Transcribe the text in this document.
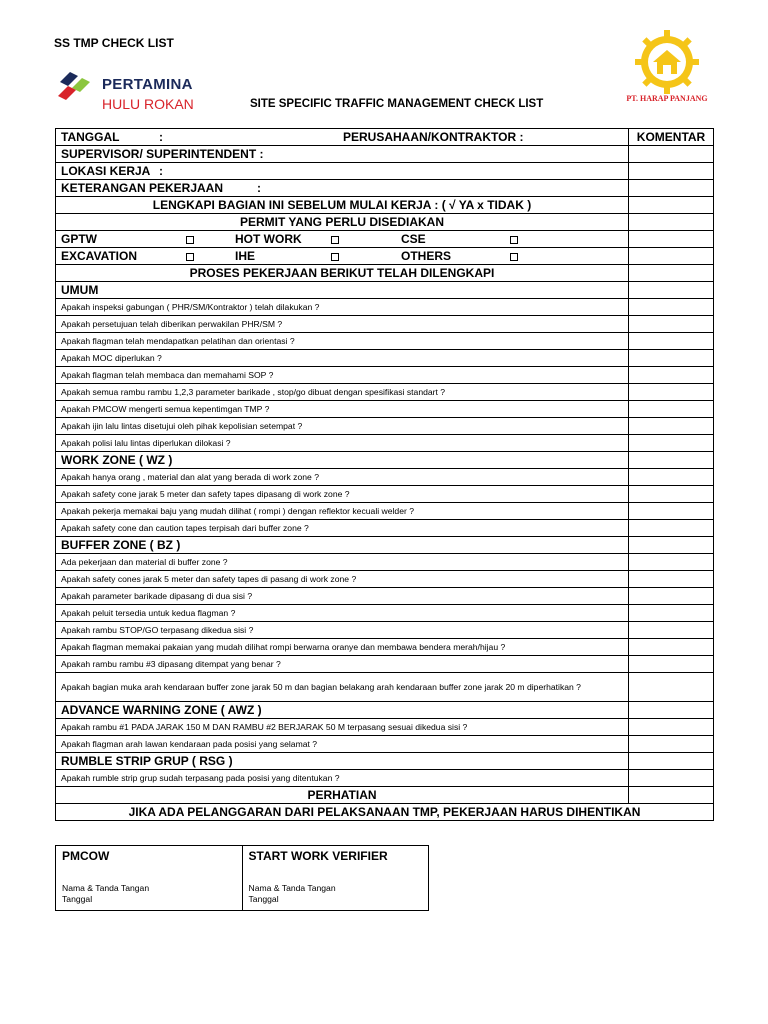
SS TMP CHECK LIST
PERTAMINA
HULU ROKAN	PT. HARAP PANJANG
SITE SPECIFIC TRAFFIC MANAGEMENT CHECK LIST
TANGGAL : PERUSAHAAN/KONTRAKTOR :	KOMENTAR
SUPERVISOR/ SUPERINTENDENT :	

LOKASI KERJA :	

KETERANGAN PEKERJAAN :	

LENGKAPI BAGIAN INI SEBELUM MULAI KERJA : ( √ YA x TIDAK )	
PERMIT YANG PERLU DISEDIAKAN	

GPTW HOT WORK CSE	

EXCAVATION IHE OTHERS	

PROSES PEKERJAAN BERIKUT TELAH DILENGKAPI	
UMUM	
Apakah inspeksi gabungan ( PHR/SM/Kontraktor ) telah dilakukan ?	
Apakah persetujuan telah diberikan perwakilan PHR/SM ?	
Apakah flagman telah mendapatkan pelatihan dan orientasi ?	
Apakah MOC diperlukan ?	
Apakah flagman telah membaca dan memahami SOP ?	
Apakah semua rambu rambu 1,2,3 parameter barikade , stop/go dibuat dengan spesifikasi standart ?	
Apakah PMCOW mengerti semua kepentimgan TMP ?	
Apakah ijin lalu lintas disetujui oleh pihak kepolisian setempat ?	
Apakah polisi lalu lintas diperlukan dilokasi ?	
WORK ZONE ( WZ )	
Apakah hanya orang , material dan alat yang berada di work zone ?	
Apakah safety cone jarak 5 meter dan safety tapes dipasang di work zone ?	
Apakah pekerja memakai baju yang mudah dilihat ( rompi ) dengan reflektor kecuali welder ?	
Apakah safety cone dan caution tapes terpisah dari buffer zone ?	
BUFFER ZONE ( BZ )	
Ada pekerjaan dan material di buffer zone ?	
Apakah safety cones jarak 5 meter dan safety tapes di pasang di work zone ?	
Apakah parameter barikade dipasang di dua sisi ?	
Apakah peluit tersedia untuk kedua flagman ?	
Apakah rambu STOP/GO terpasang dikedua sisi ?	
Apakah flagman memakai pakaian yang mudah dilihat rompi berwarna oranye dan membawa bendera merah/hijau ?	
Apakah rambu rambu #3 dipasang ditempat yang benar ?	
Apakah bagian muka arah kendaraan buffer zone jarak 50 m dan bagian belakang arah kendaraan buffer zone jarak 20 m diperhatikan ?	
ADVANCE WARNING ZONE ( AWZ )	
Apakah rambu #1 PADA JARAK 150 M DAN RAMBU #2 BERJARAK 50 M terpasang sesuai dikedua sisi ?	
Apakah flagman arah lawan kendaraan pada posisi yang selamat ?	
RUMBLE STRIP GRUP ( RSG )	
Apakah rumble strip grup sudah terpasang pada posisi yang ditentukan ?	
PERHATIAN	
JIKA ADA PELANGGARAN DARI PELAKSANAAN TMP, PEKERJAAN HARUS DIHENTIKAN	
PMCOW
Nama & Tanda Tangan
Tanggal

START WORK VERIFIER
Nama & Tanda Tangan
Tanggal
